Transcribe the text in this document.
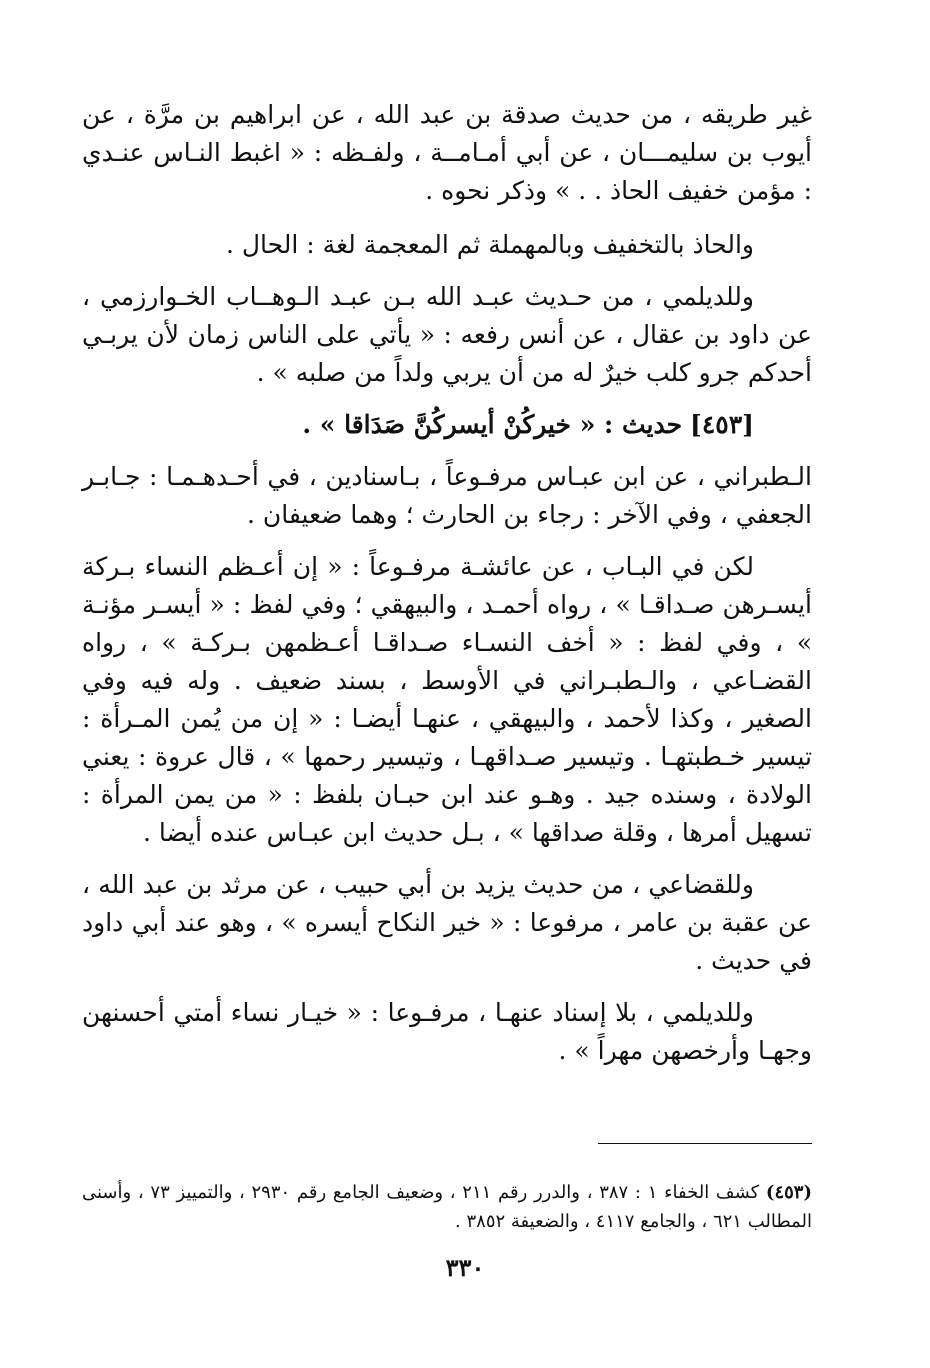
غير طريقه ، من حديث صدقة بن عبد الله ، عن ابراهيم بن مرَّة ، عن أيوب بن سليمـــان ، عن أبي أمـامــة ، ولفـظه : « اغبط النـاس عنـدي : مؤمن خفيف الحاذ . . » وذكر نحوه .

والحاذ بالتخفيف وبالمهملة ثم المعجمة لغة : الحال .

وللديلمي ، من حـديث عبـد الله بـن عبـد الـوهــاب الخـوارزمي ، عن داود بن عقال ، عن أنس رفعه : « يأتي على الناس زمان لأن يربـي أحدكم جرو كلب خيرٌ له من أن يربي ولداً من صلبه » .

[٤٥٣] حديث : « خيركُنْ أيسركُنَّ صَدَاقا » .

الـطبراني ، عن ابن عبـاس مرفـوعاً ، بـاسنادين ، في أحـدهـمـا : جـابـر الجعفي ، وفي الآخر : رجاء بن الحارث ؛ وهما ضعيفان .

لكن في البـاب ، عن عائشـة مرفـوعاً : « إن أعـظم النساء بـركة أيسـرهن صـداقـا » ، رواه أحمـد ، والبيهقي ؛ وفي لفظ : « أيسـر مؤنـة » ، وفي لفظ : « أخف النسـاء صـداقـا أعـظمهن بـركـة » ، رواه القضـاعي ، والـطبـراني في الأوسط ، بسند ضعيف . وله فيه وفي الصغير ، وكذا لأحمد ، والبيهقي ، عنهـا أيضـا : « إن من يُمن المـرأة : تيسير خـطبتهـا . وتيسير صـداقهـا ، وتيسير رحمها » ، قال عروة : يعني الولادة ، وسنده جيد . وهـو عند ابن حبـان بلفظ : « من يمن المرأة : تسهيل أمرها ، وقلة صداقها » ، بـل حديث ابن عبـاس عنده أيضا .

وللقضاعي ، من حديث يزيد بن أبي حبيب ، عن مرثد بن عبد الله ، عن عقبة بن عامر ، مرفوعا : « خير النكاح أيسره » ، وهو عند أبي داود في حديث .

وللديلمي ، بلا إسناد عنهـا ، مرفـوعا : « خيـار نساء أمتي أحسنهن وجهـا وأرخصهن مهراً » .

(٤٥٣) كشف الخفاء ١ : ٣٨٧ ، والدرر رقم ٢١١ ، وضعيف الجامع رقم ٢٩٣٠ ، والتمييز ٧٣ ، وأسنى المطالب ٦٢١ ، والجامع ٤١١٧ ، والضعيفة ٣٨٥٢ .

٣٣٠
